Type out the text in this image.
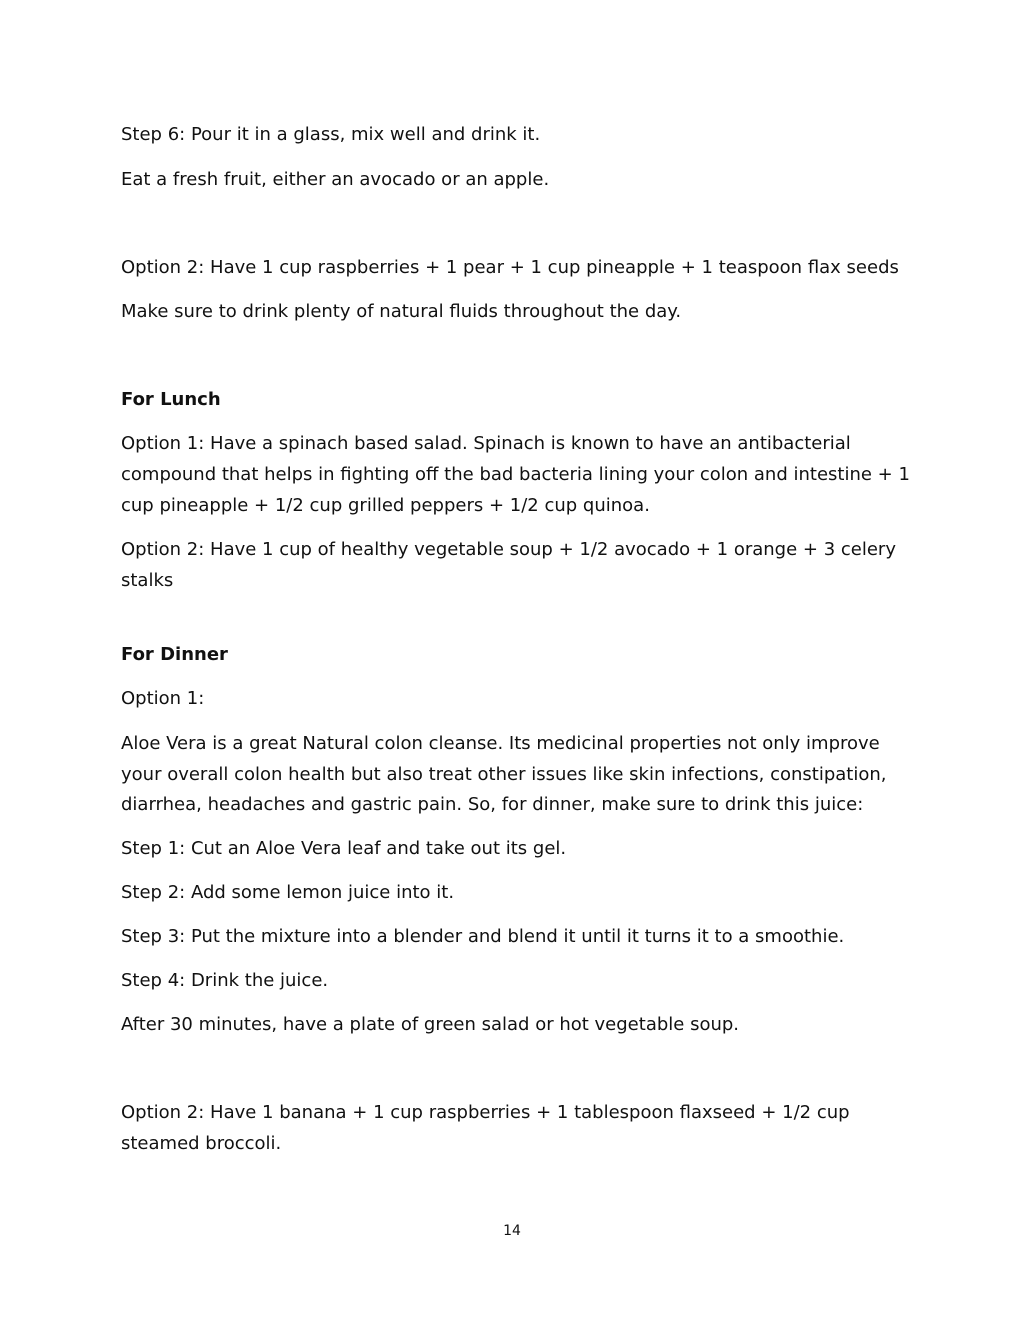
Step 6: Pour it in a glass, mix well and drink it.

Eat a fresh fruit, either an avocado or an apple.

Option 2: Have 1 cup raspberries + 1 pear + 1 cup pineapple + 1 teaspoon flax seeds

Make sure to drink plenty of natural fluids throughout the day.

For Lunch

Option 1: Have a spinach based salad. Spinach is known to have an antibacterial

compound that helps in fighting off the bad bacteria lining your colon and intestine + 1

cup pineapple + 1/2 cup grilled peppers + 1/2 cup quinoa.

Option 2: Have 1 cup of healthy vegetable soup + 1/2 avocado + 1 orange + 3 celery

stalks

For Dinner

Option 1:

Aloe Vera is a great Natural colon cleanse. Its medicinal properties not only improve

your overall colon health but also treat other issues like skin infections, constipation,

diarrhea, headaches and gastric pain. So, for dinner, make sure to drink this juice:

Step 1: Cut an Aloe Vera leaf and take out its gel.

Step 2: Add some lemon juice into it.

Step 3: Put the mixture into a blender and blend it until it turns it to a smoothie.

Step 4: Drink the juice.

After 30 minutes, have a plate of green salad or hot vegetable soup.

Option 2: Have 1 banana + 1 cup raspberries + 1 tablespoon flaxseed + 1/2 cup

steamed broccoli.

14
